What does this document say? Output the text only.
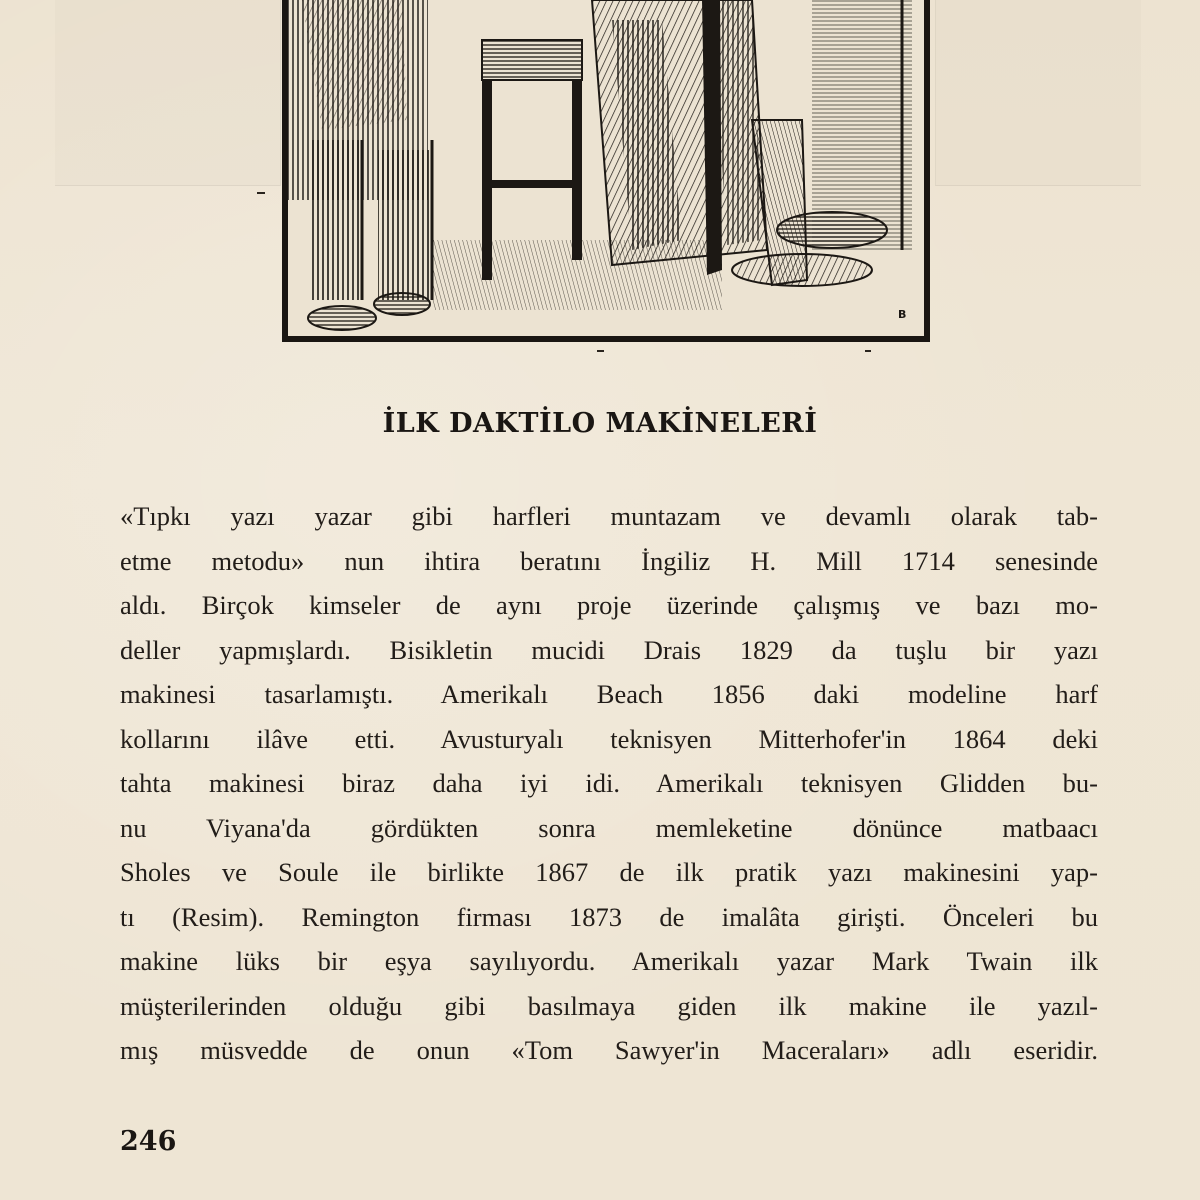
B
İLK DAKTİLO MAKİNELERİ
«Tıpkı yazı yazar gibi harfleri muntazam ve devamlı olarak tab-
etme metodu» nun ihtira beratını İngiliz H. Mill 1714 senesinde
aldı. Birçok kimseler de aynı proje üzerinde çalışmış ve bazı mo-
deller yapmışlardı. Bisikletin mucidi Drais 1829 da tuşlu bir yazı
makinesi tasarlamıştı. Amerikalı Beach 1856 daki modeline harf
kollarını ilâve etti. Avusturyalı teknisyen Mitterhofer'in 1864 deki
tahta makinesi biraz daha iyi idi. Amerikalı teknisyen Glidden bu-
nu Viyana'da gördükten sonra memleketine dönünce matbaacı
Sholes ve Soule ile birlikte 1867 de ilk pratik yazı makinesini yap-
tı (Resim). Remington firması 1873 de imalâta girişti. Önceleri bu
makine lüks bir eşya sayılıyordu. Amerikalı yazar Mark Twain ilk
müşterilerinden olduğu gibi basılmaya giden ilk makine ile yazıl-
mış müsvedde de onun «Tom Sawyer'in Maceraları» adlı eseridir.
246
